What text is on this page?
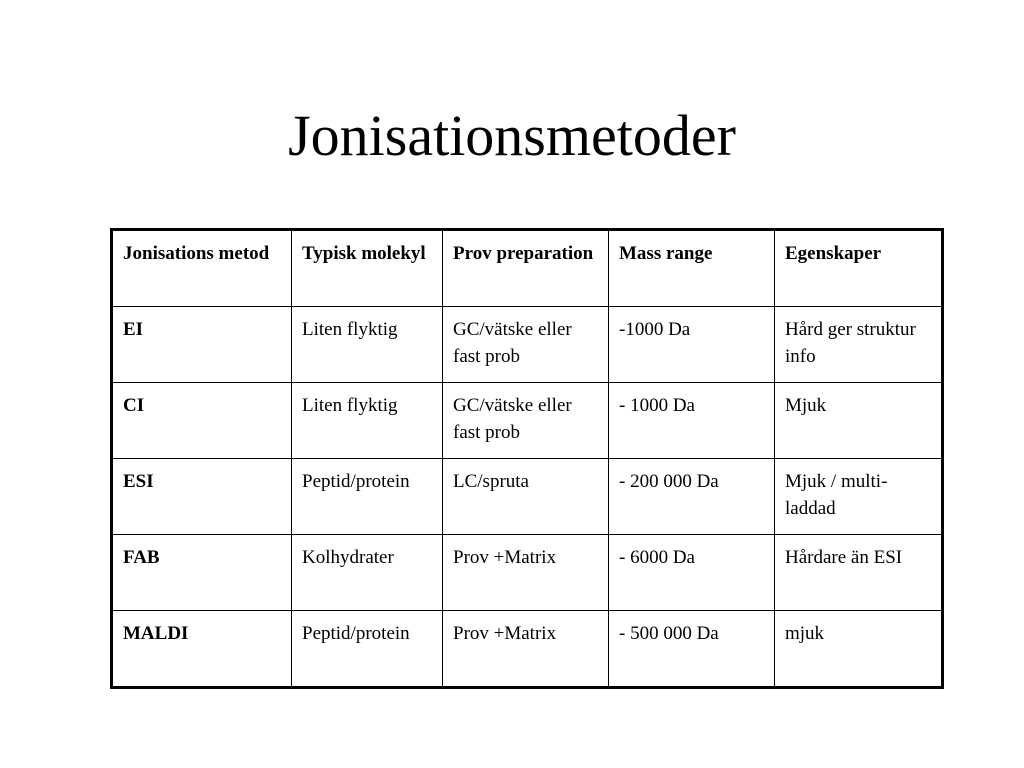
Jonisationsmetoder
Jonisations metod	Typisk molekyl	Prov preparation	Mass range	Egenskaper
EI	Liten flyktig	GC/vätske eller fast prob	-1000 Da	Hård ger struktur info
CI	Liten flyktig	GC/vätske eller fast prob	- 1000 Da	Mjuk
ESI	Peptid/protein	LC/spruta	- 200 000 Da	Mjuk / multi-laddad
FAB	Kolhydrater	Prov +Matrix	- 6000 Da	Hårdare än ESI
MALDI	Peptid/protein	Prov +Matrix	- 500 000 Da	mjuk
